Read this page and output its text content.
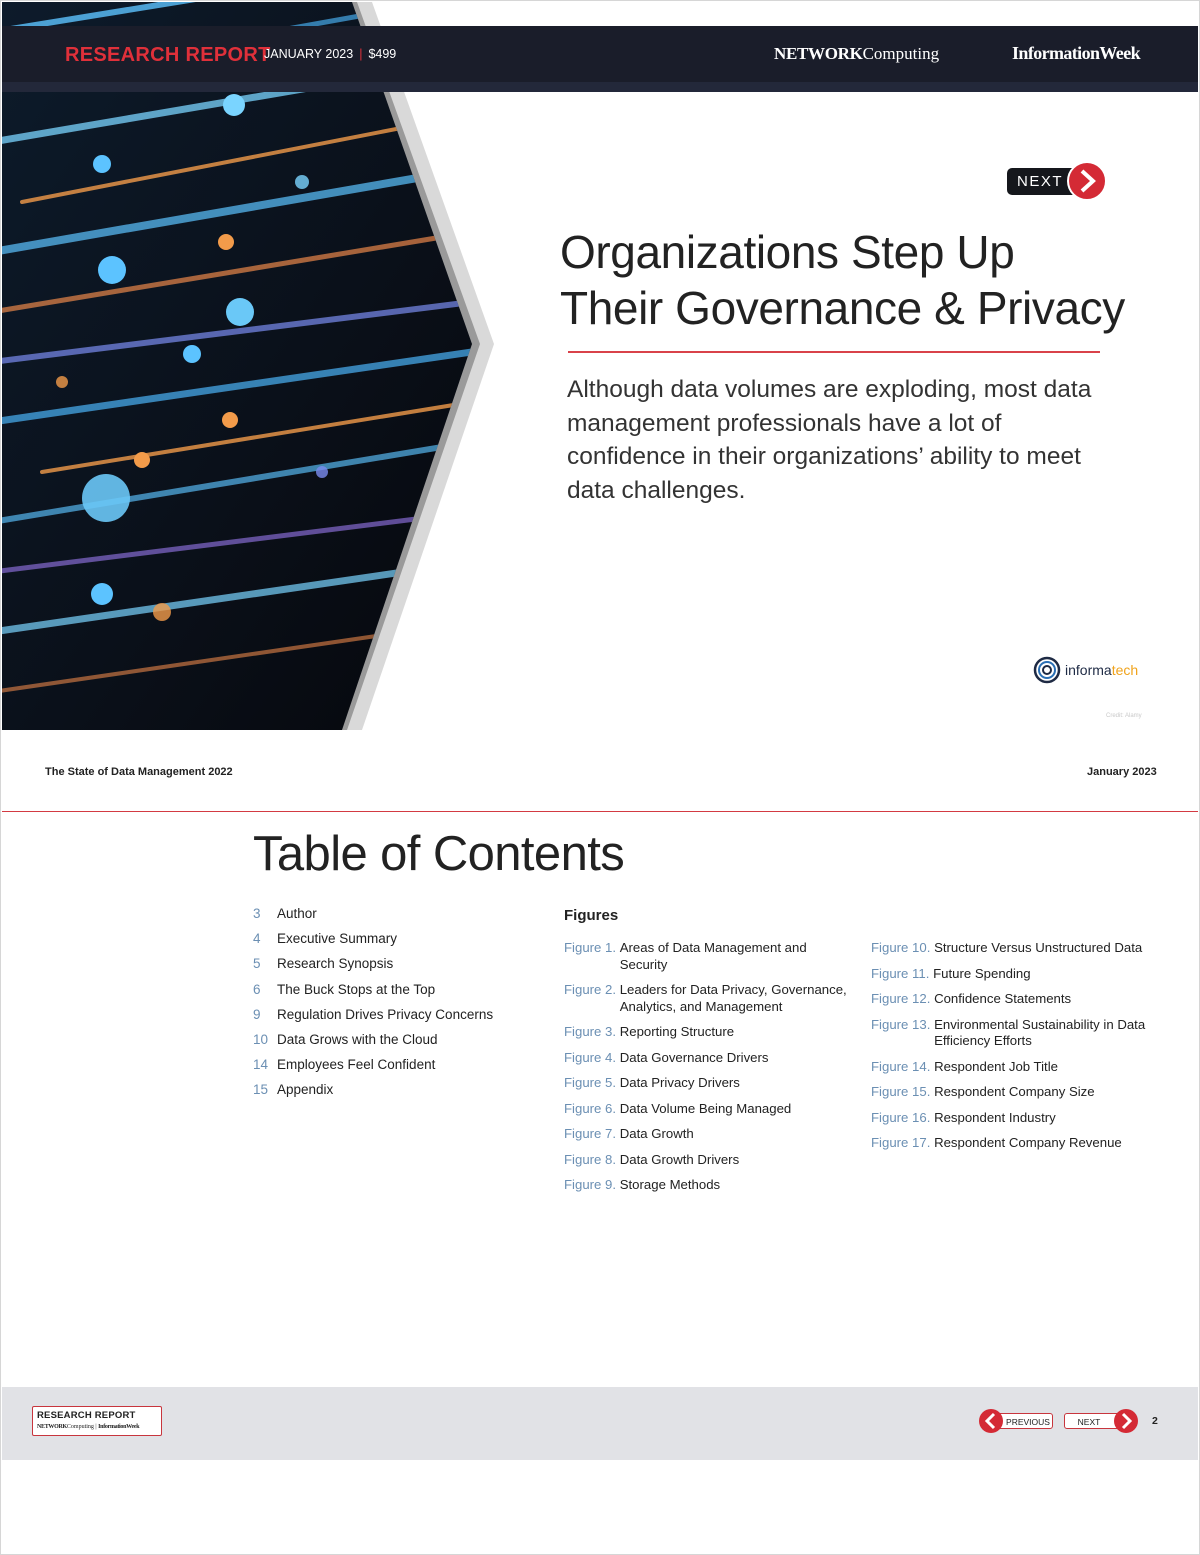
RESEARCH REPORT
JANUARY 2023 | $499	NETWORKComputing	InformationWeek
NEXT
Organizations Step Up
Their Governance & Privacy

Although data volumes are exploding, most data management professionals have a lot of confidence in their organizations’ ability to meet data challenges.

informatech
Credit: Alamy
The State of Data Management 2022	January 2023
Table of Contents
3 Author
4 Executive Summary
5 Research Synopsis
6 The Buck Stops at the Top
9 Regulation Drives Privacy Concerns
10 Data Grows with the Cloud
14 Employees Feel Confident
15 Appendix
Figures
Figure 1. Areas of Data Management and Security
Figure 2. Leaders for Data Privacy, Governance, Analytics, and Management
Figure 3. Reporting Structure
Figure 4. Data Governance Drivers
Figure 5. Data Privacy Drivers
Figure 6. Data Volume Being Managed
Figure 7. Data Growth
Figure 8. Data Growth Drivers
Figure 9. Storage Methods
Figure 10. Structure Versus Unstructured Data
Figure 11. Future Spending
Figure 12. Confidence Statements
Figure 13. Environmental Sustainability in Data Efficiency Efforts
Figure 14. Respondent Job Title
Figure 15. Respondent Company Size
Figure 16. Respondent Industry
Figure 17. Respondent Company Revenue
RESEARCH REPORT
NETWORKComputing | InformationWeek	PREVIOUS	NEXT	2
